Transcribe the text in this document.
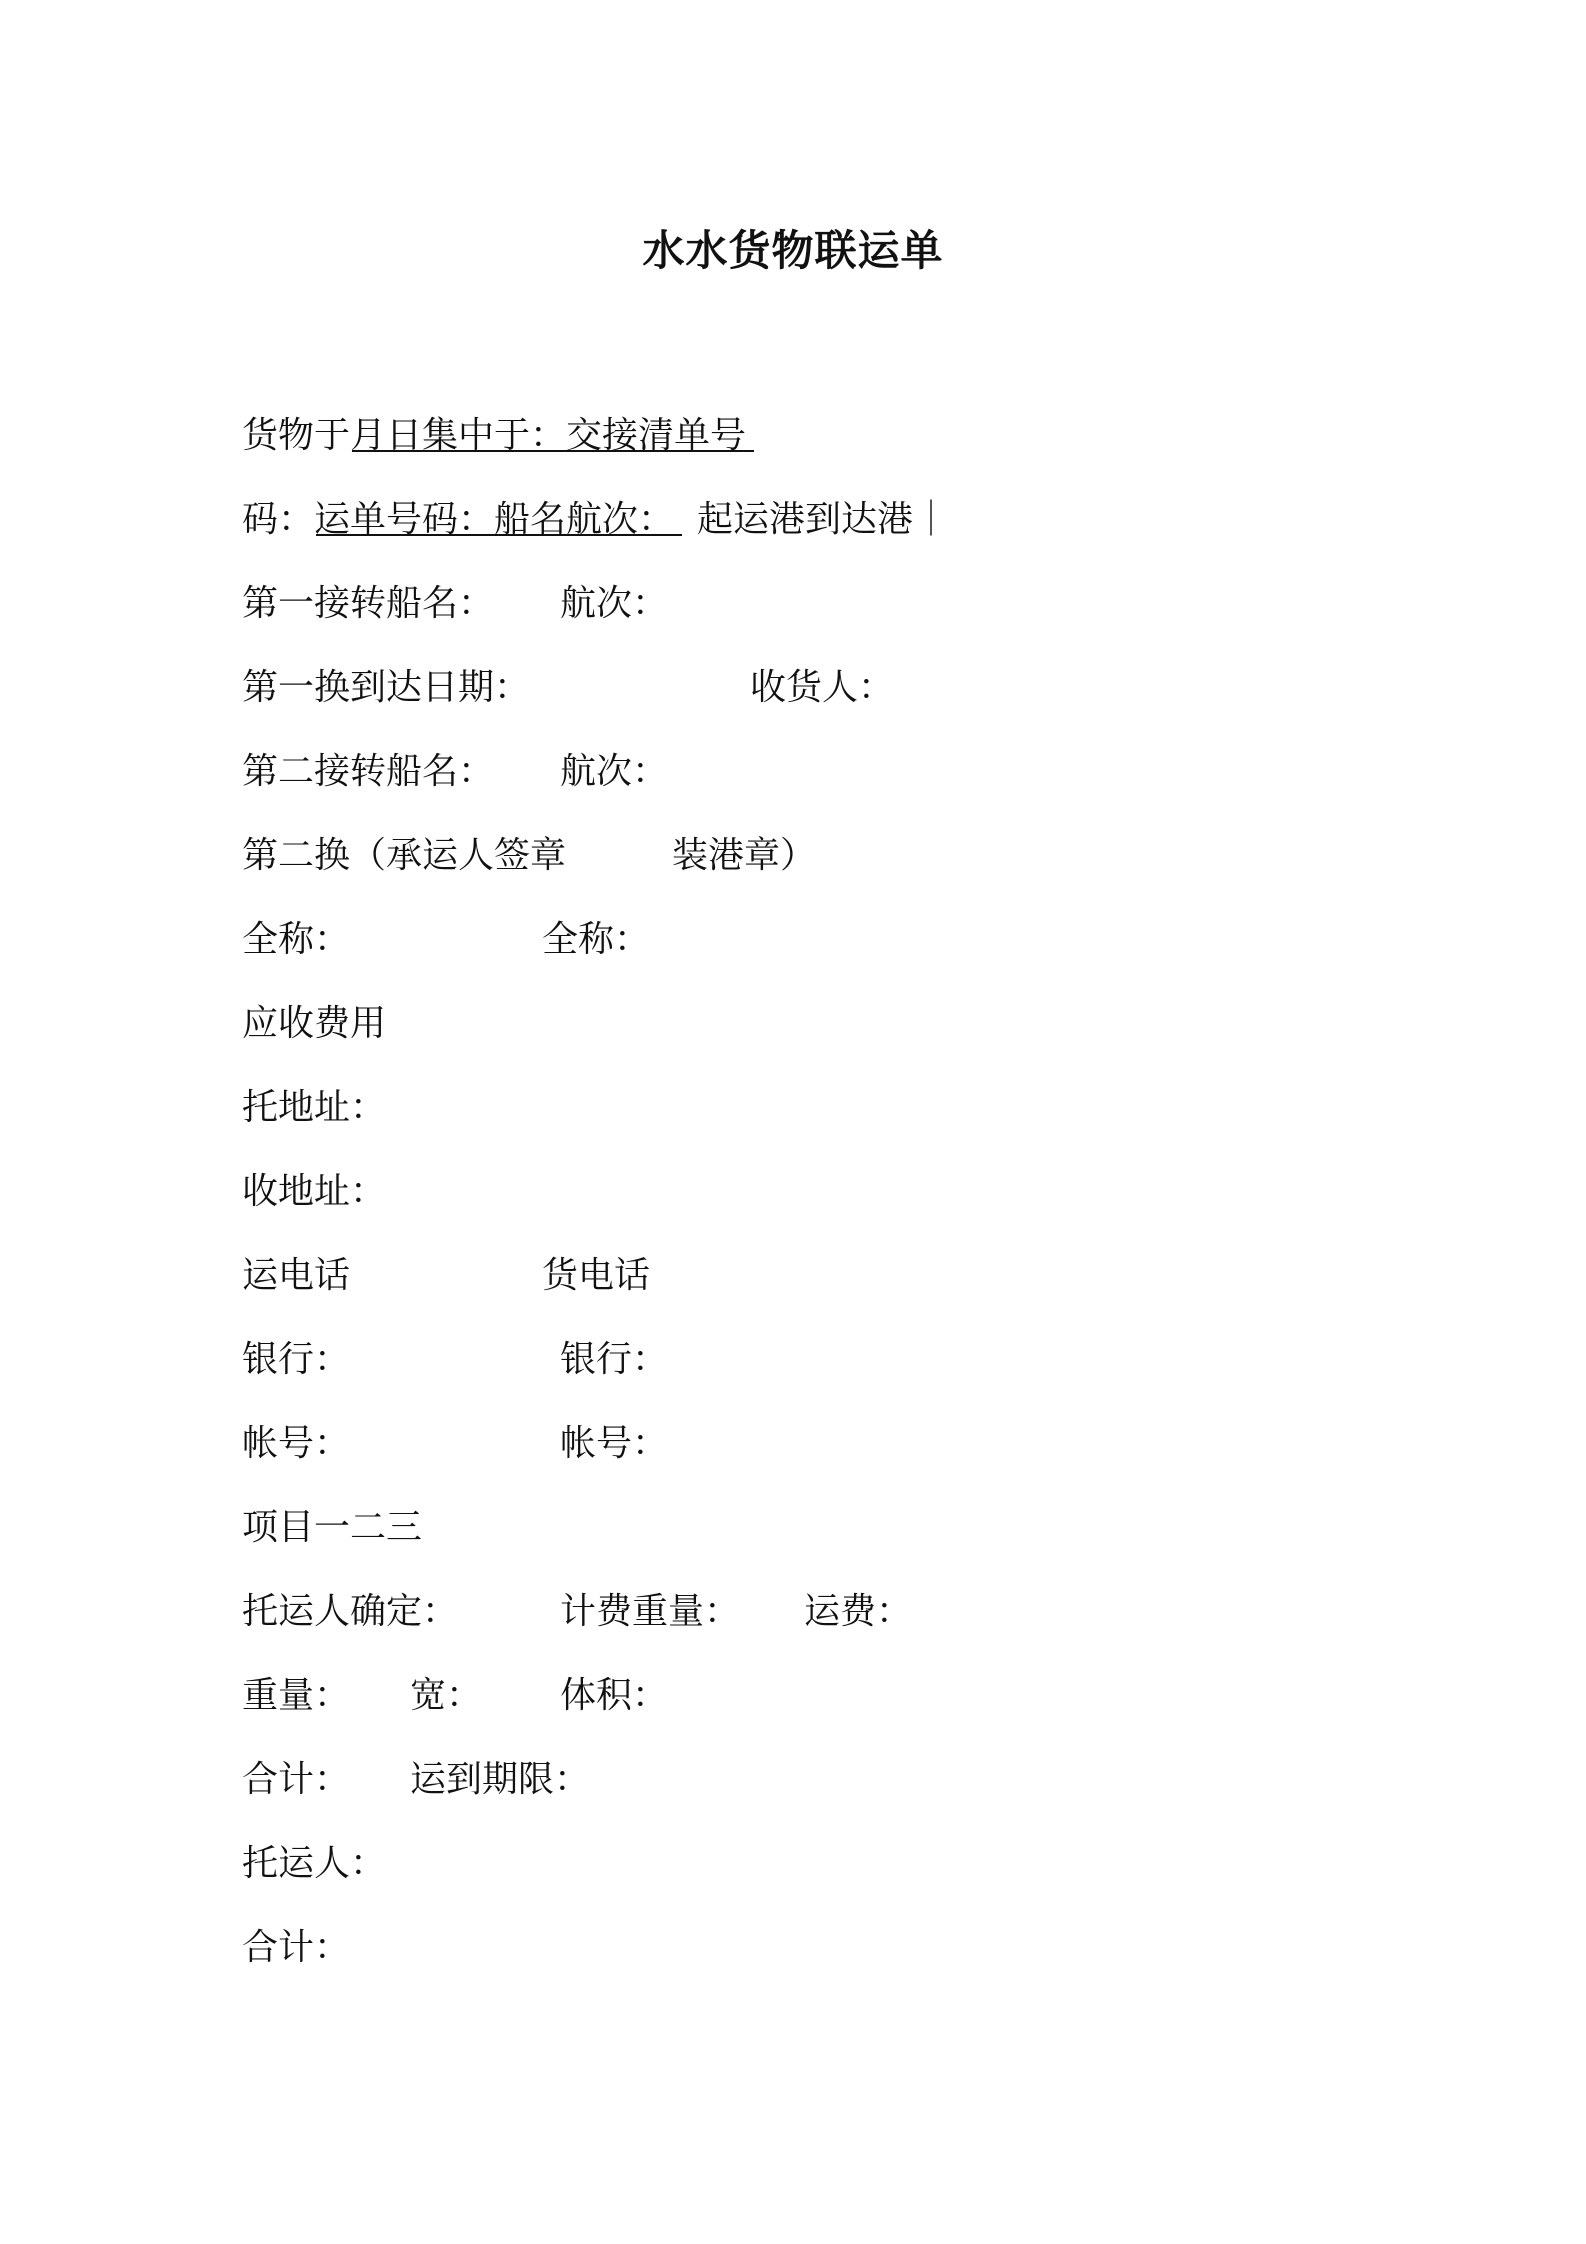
水水货物联运单
货物于
月
日集中于：
交接清单号
码：
运单号码：
船名航次： 起运港到达港｜
第一接转船名： 航次：
第一换到达日期：	收货人：
第二接转船名： 航次：
第二换（承运人签章	装港章）
全称：	全称：
应收费用
托地址：
收地址：
运电话	货电话
银行：	银行：
帐号：	帐号：
项目一二三
托运人确定：	计费重量： 运费：
重量： 宽： 体积：
合计： 运到期限：
托运人：
合计：
